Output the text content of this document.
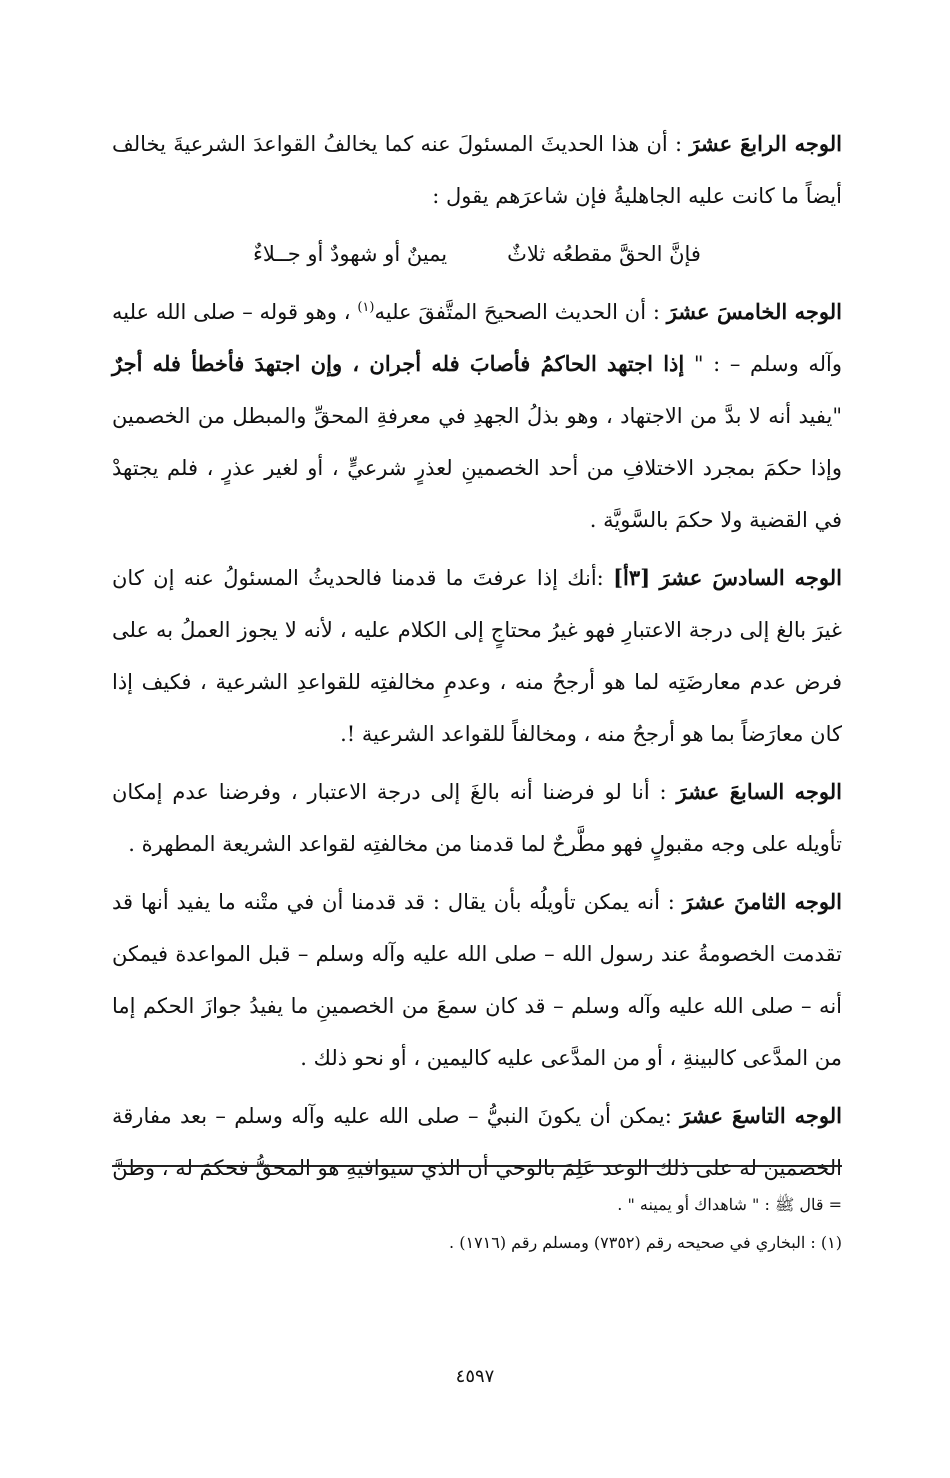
الوجه الرابعَ عشرَ : أن هذا الحديثَ المسئولَ عنه كما يخالفُ القواعدَ الشرعيةَ يخالف أيضاً ما كانت عليه الجاهليةُ فإن شاعرَهم يقول :

فإنَّ الحقَّ مقطعُه ثلاثٌ
يمينٌ أو شهودٌ أو جــلاءٌ

الوجه الخامسَ عشرَ : أن الحديث الصحيحَ المتَّفقَ عليه$^{(١)}$ ، وهو قوله – صلى الله عليه وآله وسلم – : " إذا اجتهد الحاكمُ فأصابَ فله أجران ، وإن اجتهدَ فأخطأ فله أجرٌ "يفيد أنه لا بدَّ من الاجتهاد ، وهو بذلُ الجهدِ في معرفةِ المحقِّ والمبطل من الخصمين وإذا حكمَ بمجرد الاختلافِ من أحد الخصمينِ لعذرٍ شرعيٍّ ، أو لغير عذرٍ ، فلم يجتهدْ في القضية ولا حكمَ بالسَّويَّة .

الوجه السادسَ عشرَ [٣أ] :أنك إذا عرفتَ ما قدمنا فالحديثُ المسئولُ عنه إن كان غيرَ بالغ إلى درجة الاعتبارِ فهو غيرُ محتاجٍ إلى الكلام عليه ، لأنه لا يجوز العملُ به على فرض عدم معارضَتِه لما هو أرجحُ منه ، وعدمِ مخالفتِه للقواعدِ الشرعية ، فكيف إذا كان معارَضاً بما هو أرجحُ منه ، ومخالفاً للقواعد الشرعية !.

الوجه السابعَ عشرَ : أنا لو فرضنا أنه بالغَ إلى درجة الاعتبار ، وفرضنا عدم إمكان تأويله على وجه مقبولٍ فهو مطَّرحٌ لما قدمنا من مخالفتِه لقواعد الشريعة المطهرة .

الوجه الثامنَ عشرَ : أنه يمكن تأويلُه بأن يقال : قد قدمنا أن في متْنه ما يفيد أنها قد تقدمت الخصومةُ عند رسول الله – صلى الله عليه وآله وسلم – قبل المواعدة فيمكن أنه – صلى الله عليه وآله وسلم – قد كان سمعَ من الخصمينِ ما يفيدُ جوازَ الحكم إما من المدَّعى كالبينةِ ، أو من المدَّعى عليه كاليمين ، أو نحو ذلك .

الوجه التاسعَ عشرَ :يمكن أن يكونَ النبيُّ – صلى الله عليه وآله وسلم – بعد مفارقة الخصمين له على ذلك الوعد عَلِمَ بالوحي أن الذي سيوافيهِ هو المحقُّ فحكمَ له ، وظنَّ

= قال ﷺ : " شاهداك أو يمينه " .

(١) : البخاري في صحيحه رقم (٧٣٥٢) ومسلم رقم (١٧١٦) .

٤٥٩٧
